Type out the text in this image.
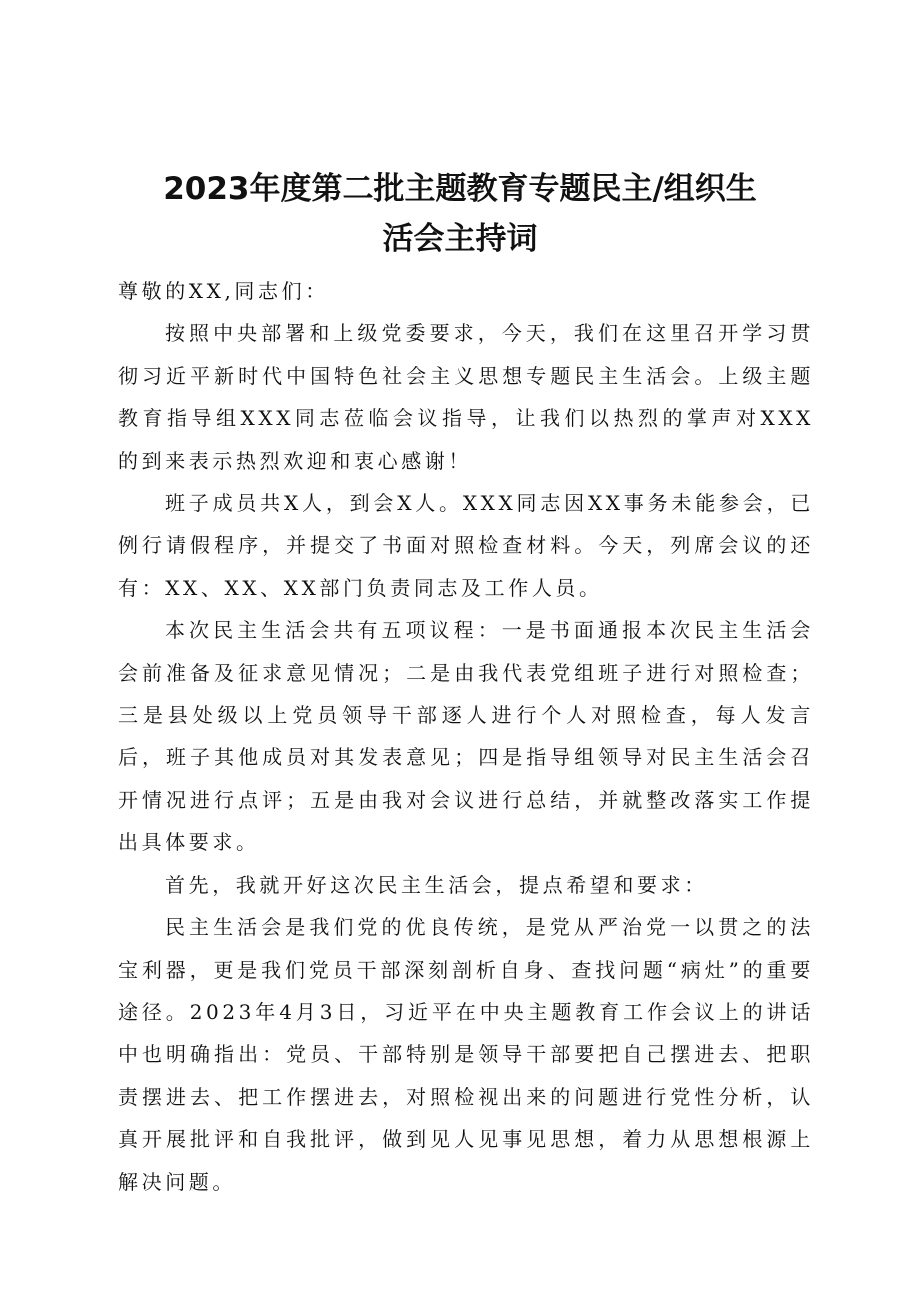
2023年度第二批主题教育专题民主/组织生
活会主持词

尊敬的XX,同志们：

按照中央部署和上级党委要求，今天，我们在这里召开学习贯彻习近平新时代中国特色社会主义思想专题民主生活会。上级主题教育指导组XXX同志莅临会议指导，让我们以热烈的掌声对XXX的到来表示热烈欢迎和衷心感谢！

班子成员共X人，到会X人。XXX同志因XX事务未能参会，已例行请假程序，并提交了书面对照检查材料。今天，列席会议的还有：XX、XX、XX部门负责同志及工作人员。

本次民主生活会共有五项议程：一是书面通报本次民主生活会会前准备及征求意见情况；二是由我代表党组班子进行对照检查；三是县处级以上党员领导干部逐人进行个人对照检查，每人发言后，班子其他成员对其发表意见；四是指导组领导对民主生活会召开情况进行点评；五是由我对会议进行总结，并就整改落实工作提出具体要求。

首先，我就开好这次民主生活会，提点希望和要求：

民主生活会是我们党的优良传统，是党从严治党一以贯之的法宝利器，更是我们党员干部深刻剖析自身、查找问题“病灶”的重要途径。2023年4月3日，习近平在中央主题教育工作会议上的讲话中也明确指出：党员、干部特别是领导干部要把自己摆进去、把职责摆进去、把工作摆进去，对照检视出来的问题进行党性分析，认真开展批评和自我批评，做到见人见事见思想，着力从思想根源上解决问题。
